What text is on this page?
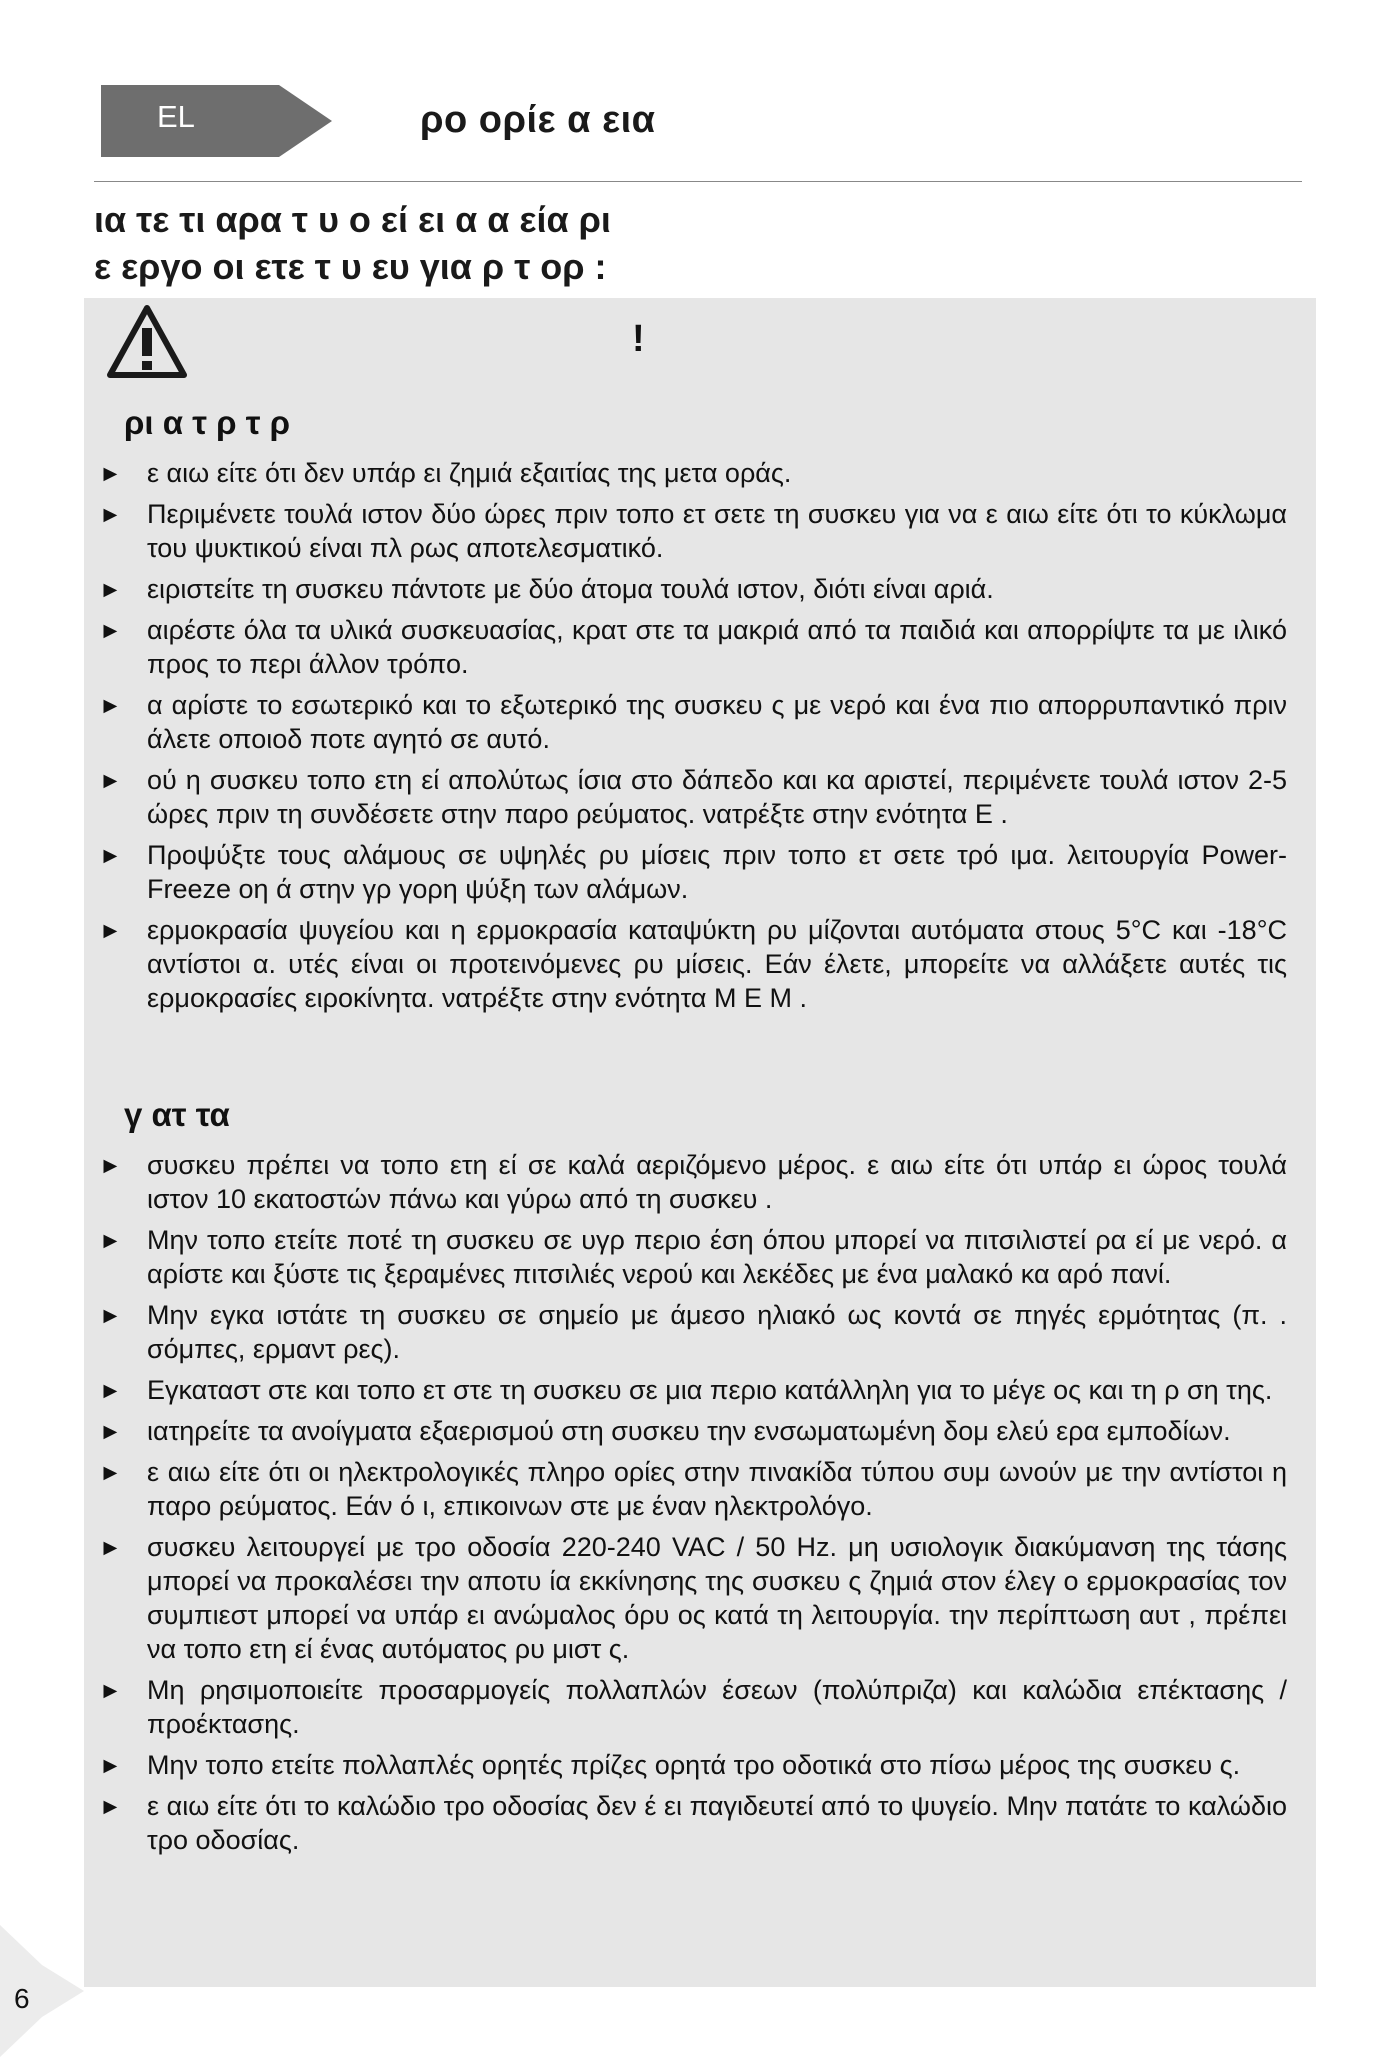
EL	ρο ορίε α εια
ια τε τι αρα τ υ ο εί ει α α εία ρι
ε εργο οι ετε τ υ ευ για ρ τ ορ :
!
ρι α τ ρ τ ρ
► ε αιω είτε ότι δεν υπάρ ει ζημιά εξαιτίας της μετα οράς.
► Περιμένετε τουλά ιστον δύο ώρες πριν τοπο ετ σετε τη συσκευ για να ε αιω είτε ότι το κύκλωμα του ψυκτικού είναι πλ ρως αποτελεσματικό.
► ειριστείτε τη συσκευ πάντοτε με δύο άτομα τουλά ιστον, διότι είναι αριά.
► αιρέστε όλα τα υλικά συσκευασίας, κρατ στε τα μακριά από τα παιδιά και απορρίψτε τα με ιλικό προς το περι άλλον τρόπο.
► α αρίστε το εσωτερικό και το εξωτερικό της συσκευ ς με νερό και ένα πιο απορρυπαντικό πριν άλετε οποιοδ ποτε αγητό σε αυτό.
► ού η συσκευ τοπο ετη εί απολύτως ίσια στο δάπεδο και κα αριστεί, περιμένετε τουλά ιστον 2-5 ώρες πριν τη συνδέσετε στην παρο ρεύματος. νατρέξτε στην ενότητα Ε .
► Προψύξτε τους αλάμους σε υψηλές ρυ μίσεις πριν τοπο ετ σετε τρό ιμα. λειτουργία Power-Freeze οη ά στην γρ γορη ψύξη των αλάμων.
► ερμοκρασία ψυγείου και η ερμοκρασία καταψύκτη ρυ μίζονται αυτόματα στους 5°C και -18°C αντίστοι α. υτές είναι οι προτεινόμενες ρυ μίσεις. Εάν έλετε, μπορείτε να αλλάξετε αυτές τις ερμοκρασίες ειροκίνητα. νατρέξτε στην ενότητα Μ Ε Μ .
γ ατ τα
► συσκευ πρέπει να τοπο ετη εί σε καλά αεριζόμενο μέρος. ε αιω είτε ότι υπάρ ει ώρος τουλά ιστον 10 εκατοστών πάνω και γύρω από τη συσκευ .
► Μην τοπο ετείτε ποτέ τη συσκευ σε υγρ περιο έση όπου μπορεί να πιτσιλιστεί ρα εί με νερό. α αρίστε και ξύστε τις ξεραμένες πιτσιλιές νερού και λεκέδες με ένα μαλακό κα αρό πανί.
► Μην εγκα ιστάτε τη συσκευ σε σημείο με άμεσο ηλιακό ως κοντά σε πηγές ερμότητας (π. . σόμπες, ερμαντ ρες).
► Εγκαταστ στε και τοπο ετ στε τη συσκευ σε μια περιο κατάλληλη για το μέγε ος και τη ρ ση της.
► ιατηρείτε τα ανοίγματα εξαερισμού στη συσκευ την ενσωματωμένη δομ ελεύ ερα εμποδίων.
► ε αιω είτε ότι οι ηλεκτρολογικές πληρο ορίες στην πινακίδα τύπου συμ ωνούν με την αντίστοι η παρο ρεύματος. Εάν ό ι, επικοινων στε με έναν ηλεκτρολόγο.
► συσκευ λειτουργεί με τρο οδοσία 220-240 VAC / 50 Hz. μη υσιολογικ διακύμανση της τάσης μπορεί να προκαλέσει την αποτυ ία εκκίνησης της συσκευ ς ζημιά στον έλεγ ο ερμοκρασίας τον συμπιεστ μπορεί να υπάρ ει ανώμαλος όρυ ος κατά τη λειτουργία. την περίπτωση αυτ , πρέπει να τοπο ετη εί ένας αυτόματος ρυ μιστ ς.
► Μη ρησιμοποιείτε προσαρμογείς πολλαπλών έσεων (πολύπριζα) και καλώδια επέκτασης / προέκτασης.
► Μην τοπο ετείτε πολλαπλές ορητές πρίζες ορητά τρο οδοτικά στο πίσω μέρος της συσκευ ς.
► ε αιω είτε ότι το καλώδιο τρο οδοσίας δεν έ ει παγιδευτεί από το ψυγείο. Μην πατάτε το καλώδιο τρο οδοσίας.
6
